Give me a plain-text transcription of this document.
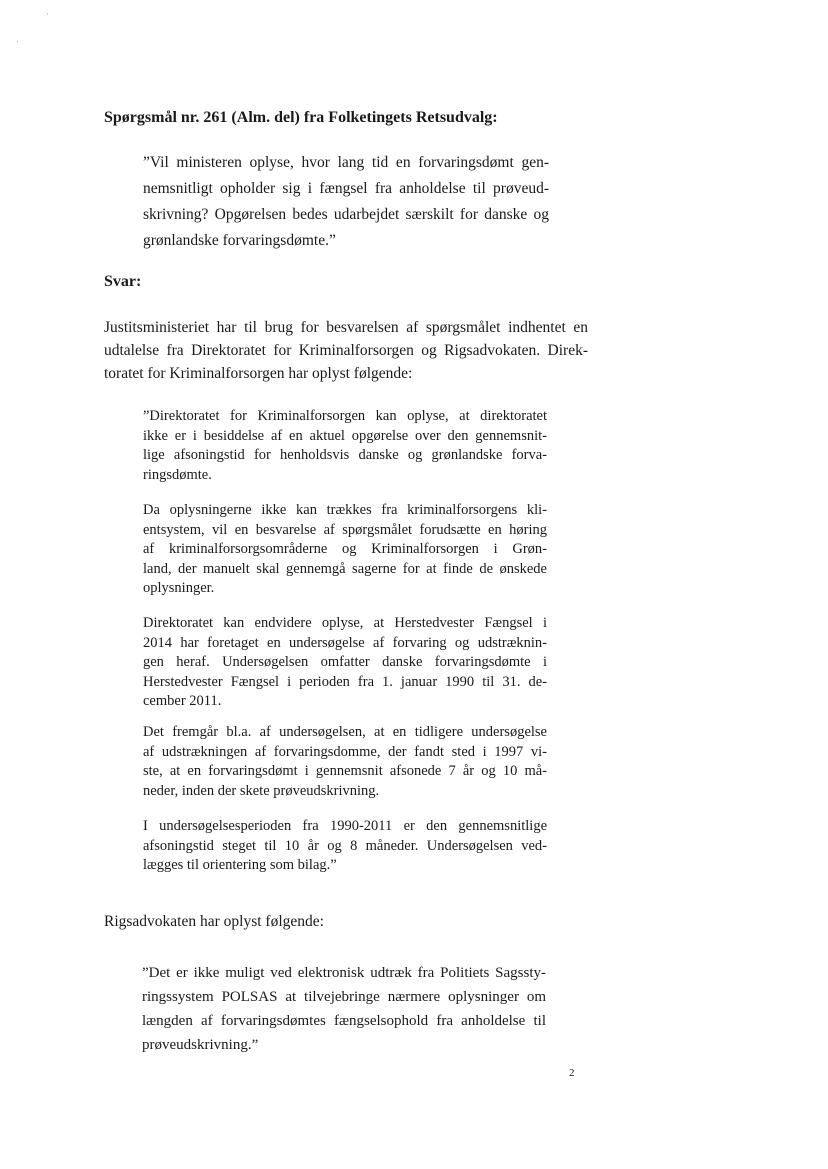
·
·
Spørgsmål nr. 261 (Alm. del) fra Folketingets Retsudvalg:
”Vil ministeren oplyse, hvor lang tid en forvaringsdømt gen-
nemsnitligt opholder sig i fængsel fra anholdelse til prøveud-
skrivning? Opgørelsen bedes udarbejdet særskilt for danske og
grønlandske forvaringsdømte.”
Svar:
Justitsministeriet har til brug for besvarelsen af spørgsmålet indhentet en
udtalelse fra Direktoratet for Kriminalforsorgen og Rigsadvokaten. Direk-
toratet for Kriminalforsorgen har oplyst følgende:
”Direktoratet for Kriminalforsorgen kan oplyse, at direktoratet
ikke er i besiddelse af en aktuel opgørelse over den gennemsnit-
lige afsoningstid for henholdsvis danske og grønlandske forva-
ringsdømte.
Da oplysningerne ikke kan trækkes fra kriminalforsorgens kli-
entsystem, vil en besvarelse af spørgsmålet forudsætte en høring
af kriminalforsorgsområderne og Kriminalforsorgen i Grøn-
land, der manuelt skal gennemgå sagerne for at finde de ønskede
oplysninger.
Direktoratet kan endvidere oplyse, at Herstedvester Fængsel i
2014 har foretaget en undersøgelse af forvaring og udstræknin-
gen heraf. Undersøgelsen omfatter danske forvaringsdømte i
Herstedvester Fængsel i perioden fra 1. januar 1990 til 31. de-
cember 2011.
Det fremgår bl.a. af undersøgelsen, at en tidligere undersøgelse
af udstrækningen af forvaringsdomme, der fandt sted i 1997 vi-
ste, at en forvaringsdømt i gennemsnit afsonede 7 år og 10 må-
neder, inden der skete prøveudskrivning.
I undersøgelsesperioden fra 1990-2011 er den gennemsnitlige
afsoningstid steget til 10 år og 8 måneder. Undersøgelsen ved-
lægges til orientering som bilag.”

Rigsadvokaten har oplyst følgende:

”Det er ikke muligt ved elektronisk udtræk fra Politiets Sagssty-
ringssystem POLSAS at tilvejebringe nærmere oplysninger om
længden af forvaringsdømtes fængselsophold fra anholdelse til
prøveudskrivning.”
2
